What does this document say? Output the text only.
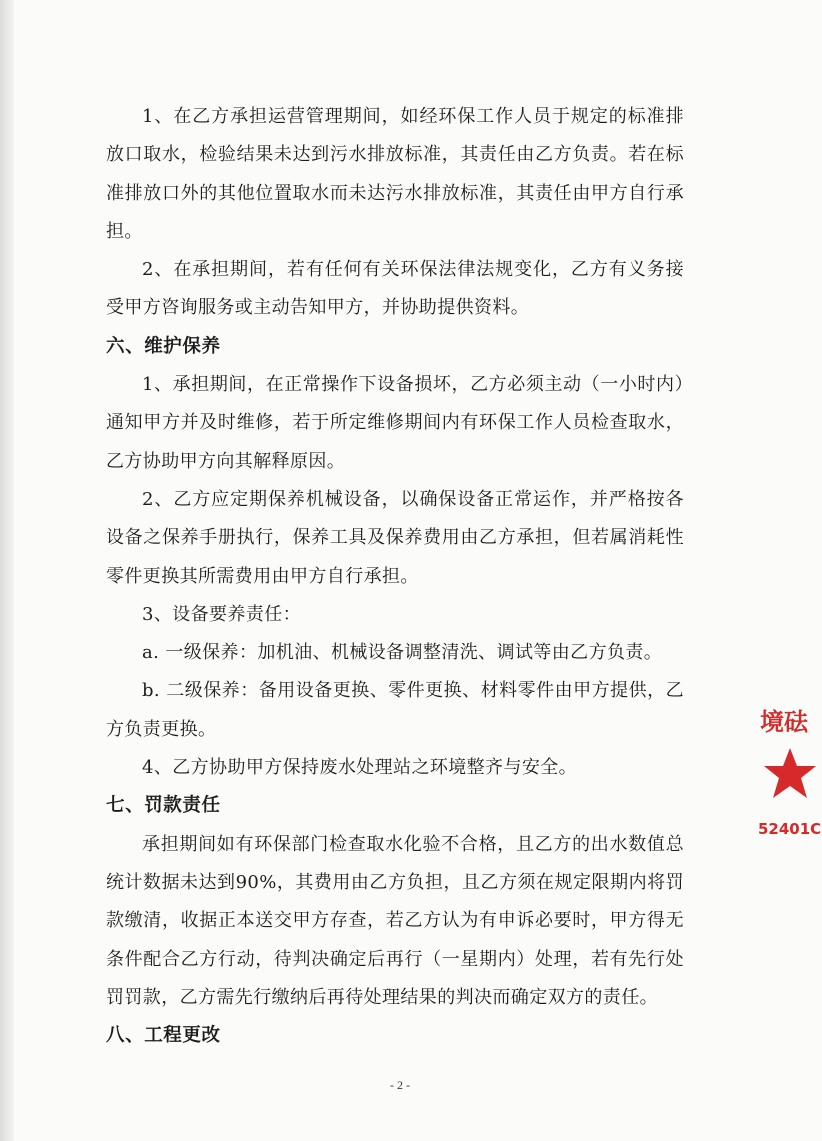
1、在乙方承担运营管理期间，如经环保工作人员于规定的标准排放口取水，检验结果未达到污水排放标准，其责任由乙方负责。若在标准排放口外的其他位置取水而未达污水排放标准，其责任由甲方自行承担。

2、在承担期间，若有任何有关环保法律法规变化，乙方有义务接受甲方咨询服务或主动告知甲方，并协助提供资料。

六、维护保养

1、承担期间，在正常操作下设备损坏，乙方必须主动（一小时内）通知甲方并及时维修，若于所定维修期间内有环保工作人员检查取水，乙方协助甲方向其解释原因。

2、乙方应定期保养机械设备，以确保设备正常运作，并严格按各设备之保养手册执行，保养工具及保养费用由乙方承担，但若属消耗性零件更换其所需费用由甲方自行承担。

3、设备要养责任：

a. 一级保养：加机油、机械设备调整清洗、调试等由乙方负责。

b. 二级保养：备用设备更换、零件更换、材料零件由甲方提供，乙方负责更换。

4、乙方协助甲方保持废水处理站之环境整齐与安全。

七、罚款责任

承担期间如有环保部门检查取水化验不合格，且乙方的出水数值总统计数据未达到90%，其费用由乙方负担，且乙方须在规定限期内将罚款缴清，收据正本送交甲方存查，若乙方认为有申诉必要时，甲方得无条件配合乙方行动，待判决确定后再行（一星期内）处理，若有先行处罚罚款，乙方需先行缴纳后再待处理结果的判决而确定双方的责任。

八、工程更改

境砝
52401C
- 2 -
